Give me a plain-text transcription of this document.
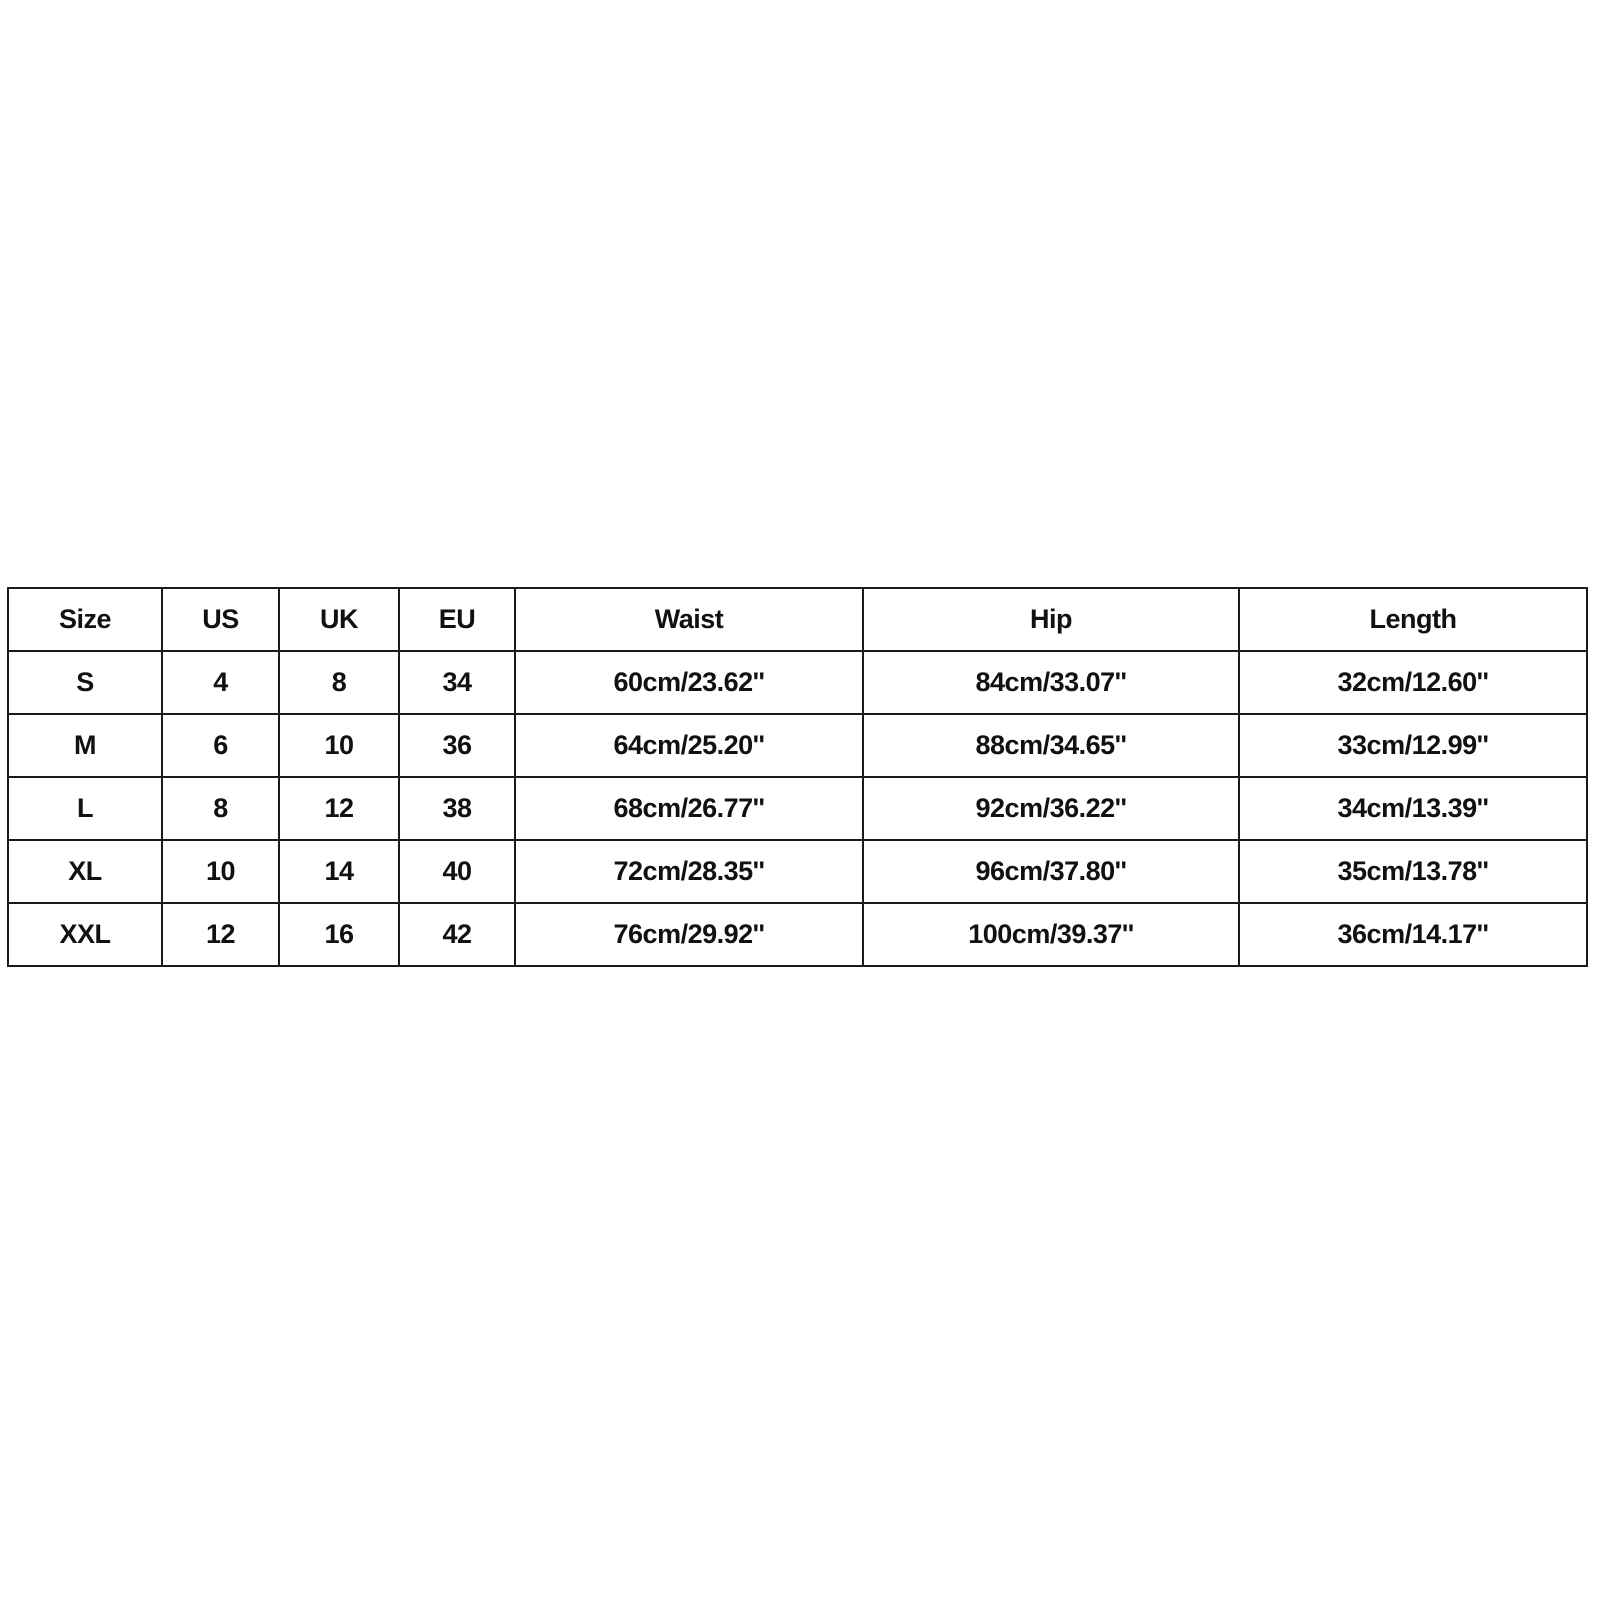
Size	US	UK	EU	Waist	Hip	Length
S	4	8	34	60cm/23.62''	84cm/33.07''	32cm/12.60''
M	6	10	36	64cm/25.20''	88cm/34.65''	33cm/12.99''
L	8	12	38	68cm/26.77''	92cm/36.22''	34cm/13.39''
XL	10	14	40	72cm/28.35''	96cm/37.80''	35cm/13.78''
XXL	12	16	42	76cm/29.92''	100cm/39.37''	36cm/14.17''
